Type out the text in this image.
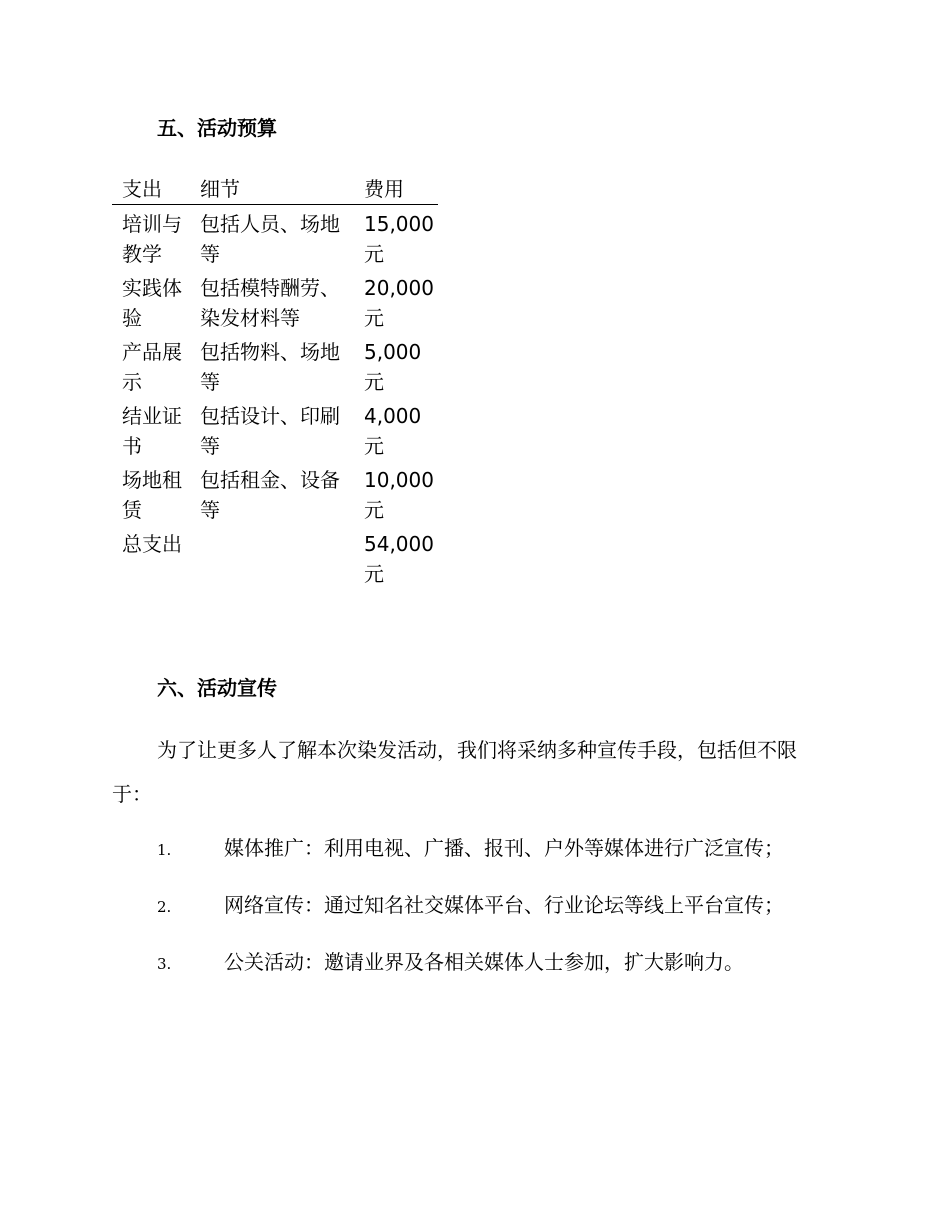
五、活动预算
支出	细节	费用
培训与教学	包括人员、场地等	15,000元
实践体验	包括模特酬劳、染发材料等	20,000元
产品展示	包括物料、场地等	5,000元
结业证书	包括设计、印刷等	4,000元
场地租赁	包括租金、设备等	10,000元
总支出		54,000元
六、活动宣传

为了让更多人了解本次染发活动，我们将采纳多种宣传手段，包括但不限于：

1.	媒体推广：利用电视、广播、报刊、户外等媒体进行广泛宣传；
2.	网络宣传：通过知名社交媒体平台、行业论坛等线上平台宣传；
3.	公关活动：邀请业界及各相关媒体人士参加，扩大影响力。
